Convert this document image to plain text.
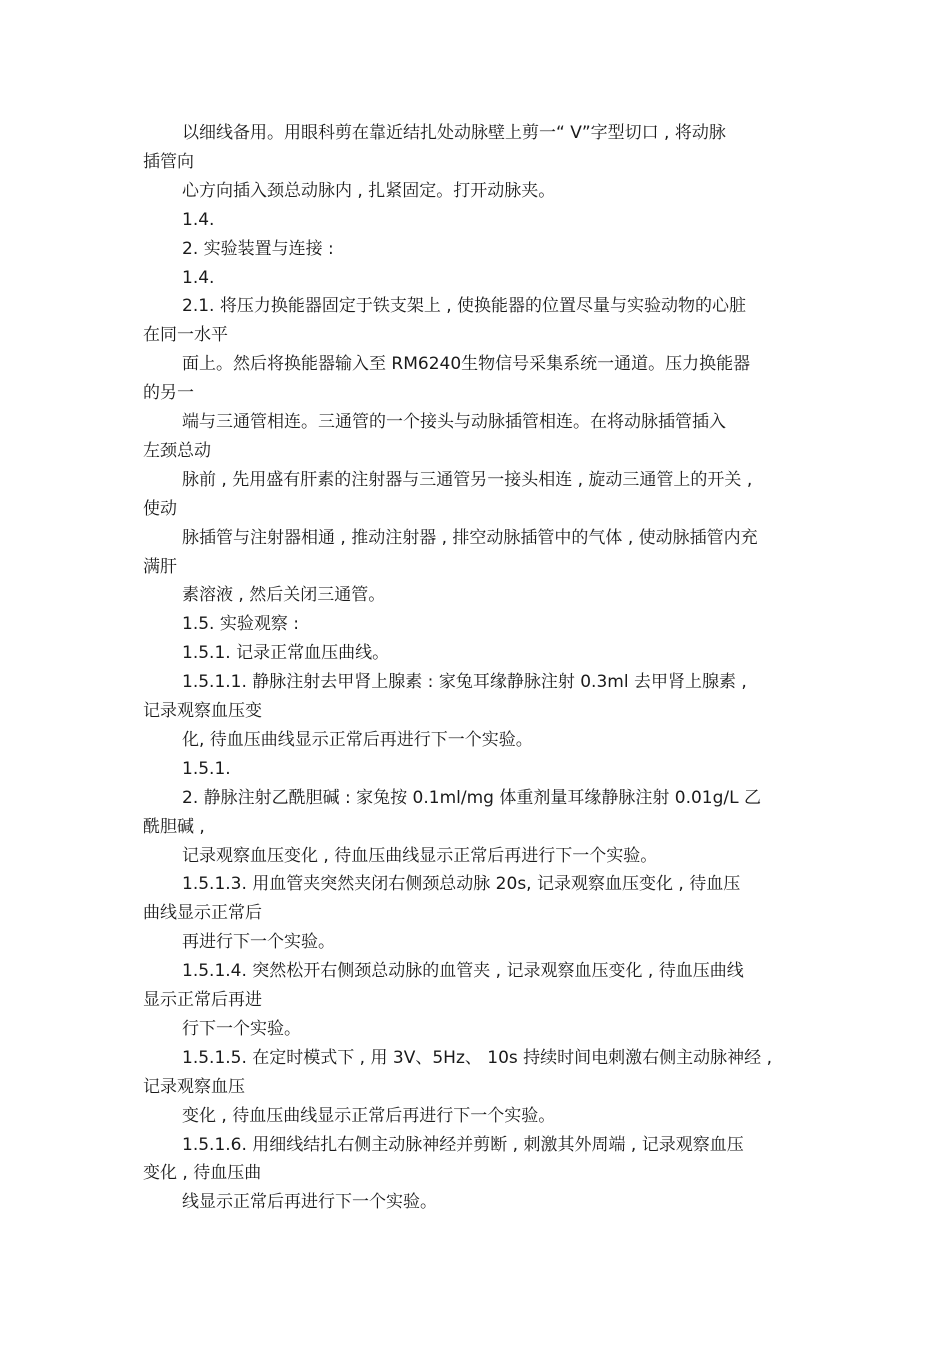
以细线备用。用眼科剪在靠近结扎处动脉壁上剪一“ V”字型切口 , 将动脉
插管向
心方向插入颈总动脉内 , 扎紧固定。打开动脉夹。
1.4.
2. 实验装置与连接 :
1.4.
2.1. 将压力换能器固定于铁支架上 , 使换能器的位置尽量与实验动物的心脏
在同一水平
面上。然后将换能器输入至 RM6240生物信号采集系统一通道。压力换能器
的另一
端与三通管相连。三通管的一个接头与动脉插管相连。在将动脉插管插入
左颈总动
脉前 , 先用盛有肝素的注射器与三通管另一接头相连 , 旋动三通管上的开关 ,
使动
脉插管与注射器相通 , 推动注射器 , 排空动脉插管中的气体 , 使动脉插管内充
满肝
素溶液 , 然后关闭三通管。
1.5. 实验观察 :
1.5.1. 记录正常血压曲线。
1.5.1.1. 静脉注射去甲肾上腺素 : 家兔耳缘静脉注射 0.3ml 去甲肾上腺素 ,
记录观察血压变
化, 待血压曲线显示正常后再进行下一个实验。
1.5.1.
2. 静脉注射乙酰胆碱 : 家兔按 0.1ml/mg 体重剂量耳缘静脉注射 0.01g/L 乙
酰胆碱 ,
记录观察血压变化 , 待血压曲线显示正常后再进行下一个实验。
1.5.1.3. 用血管夹突然夹闭右侧颈总动脉 20s, 记录观察血压变化 , 待血压
曲线显示正常后
再进行下一个实验。
1.5.1.4. 突然松开右侧颈总动脉的血管夹 , 记录观察血压变化 , 待血压曲线
显示正常后再进
行下一个实验。
1.5.1.5. 在定时模式下 , 用 3V、5Hz、 10s 持续时间电刺激右侧主动脉神经 ,
记录观察血压
变化 , 待血压曲线显示正常后再进行下一个实验。
1.5.1.6. 用细线结扎右侧主动脉神经并剪断 , 刺激其外周端 , 记录观察血压
变化 , 待血压曲
线显示正常后再进行下一个实验。
